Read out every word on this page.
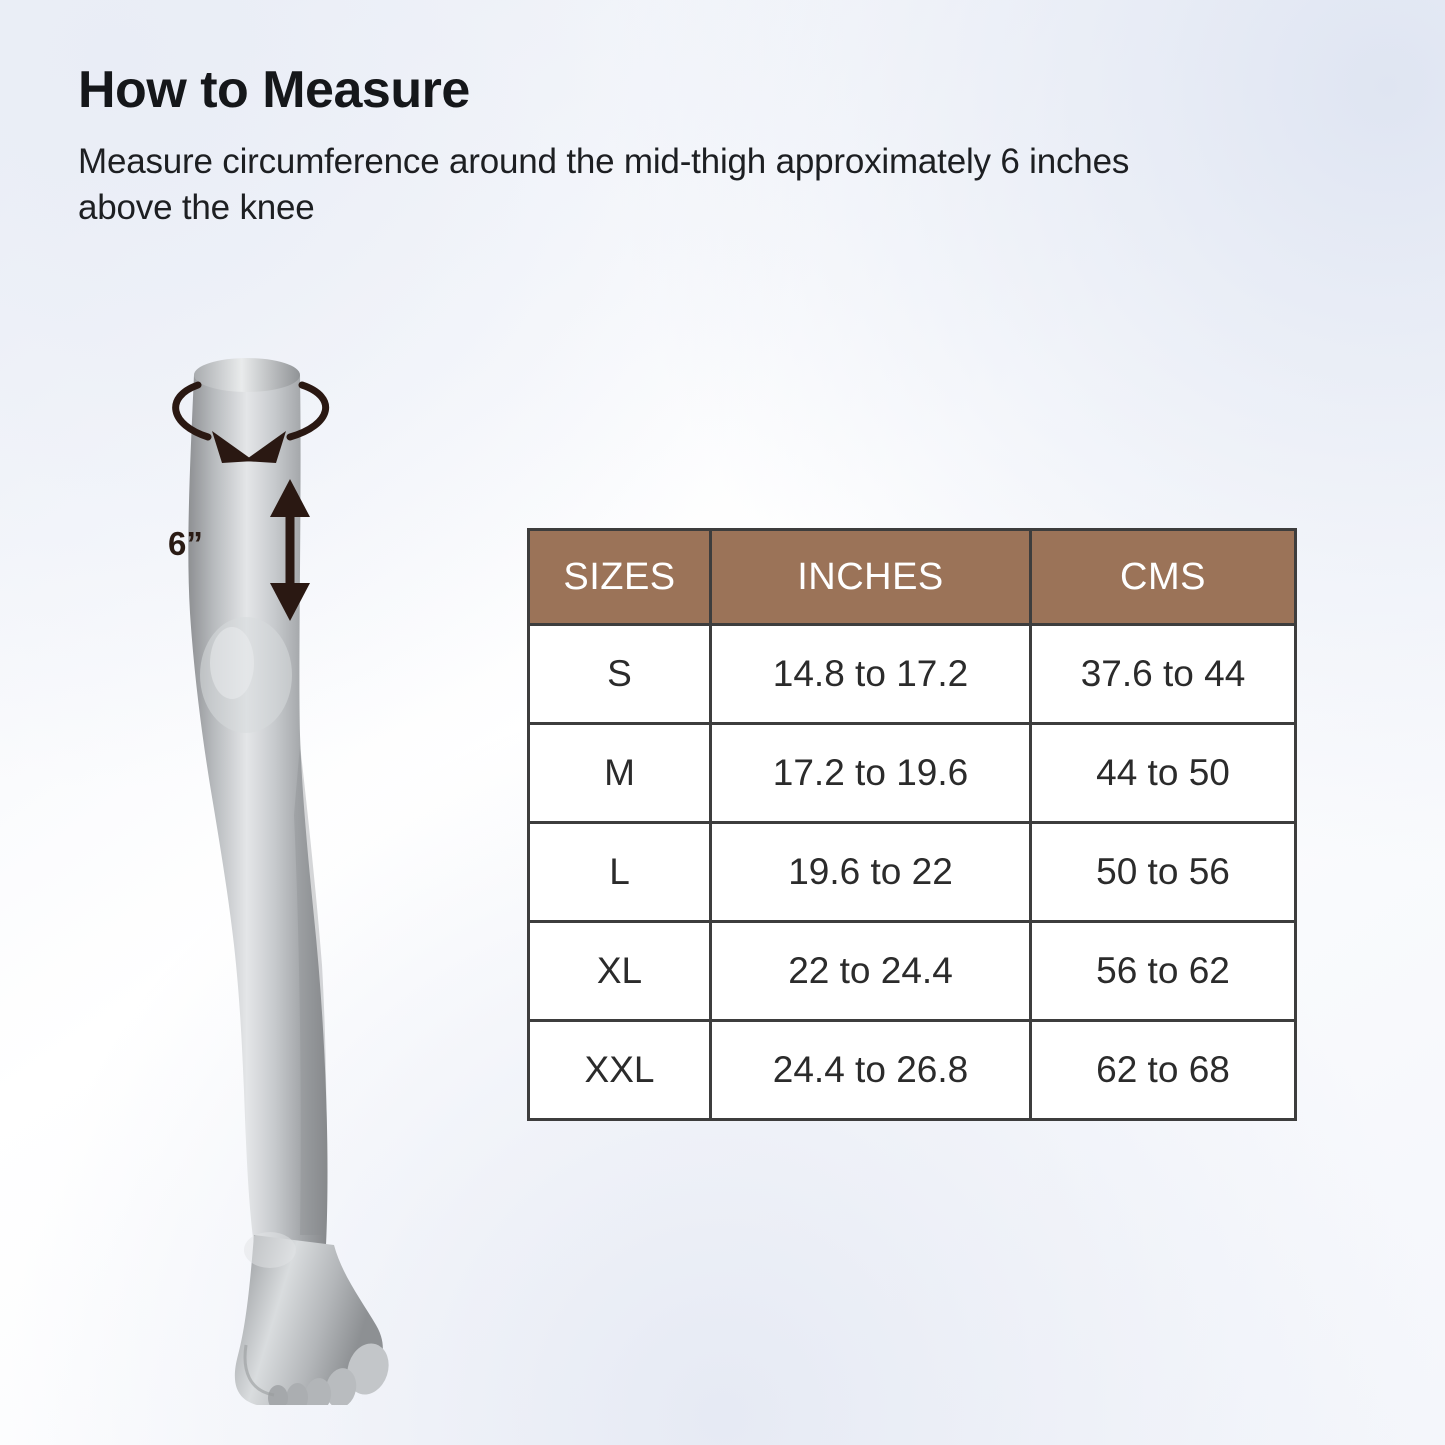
How to Measure

Measure circumference around the mid-thigh approximately 6 inches above the knee

6”
SIZES	INCHES	CMS
S	14.8 to 17.2	37.6 to 44
M	17.2 to 19.6	44 to 50
L	19.6 to 22	50 to 56
XL	22 to 24.4	56 to 62
XXL	24.4 to 26.8	62 to 68
